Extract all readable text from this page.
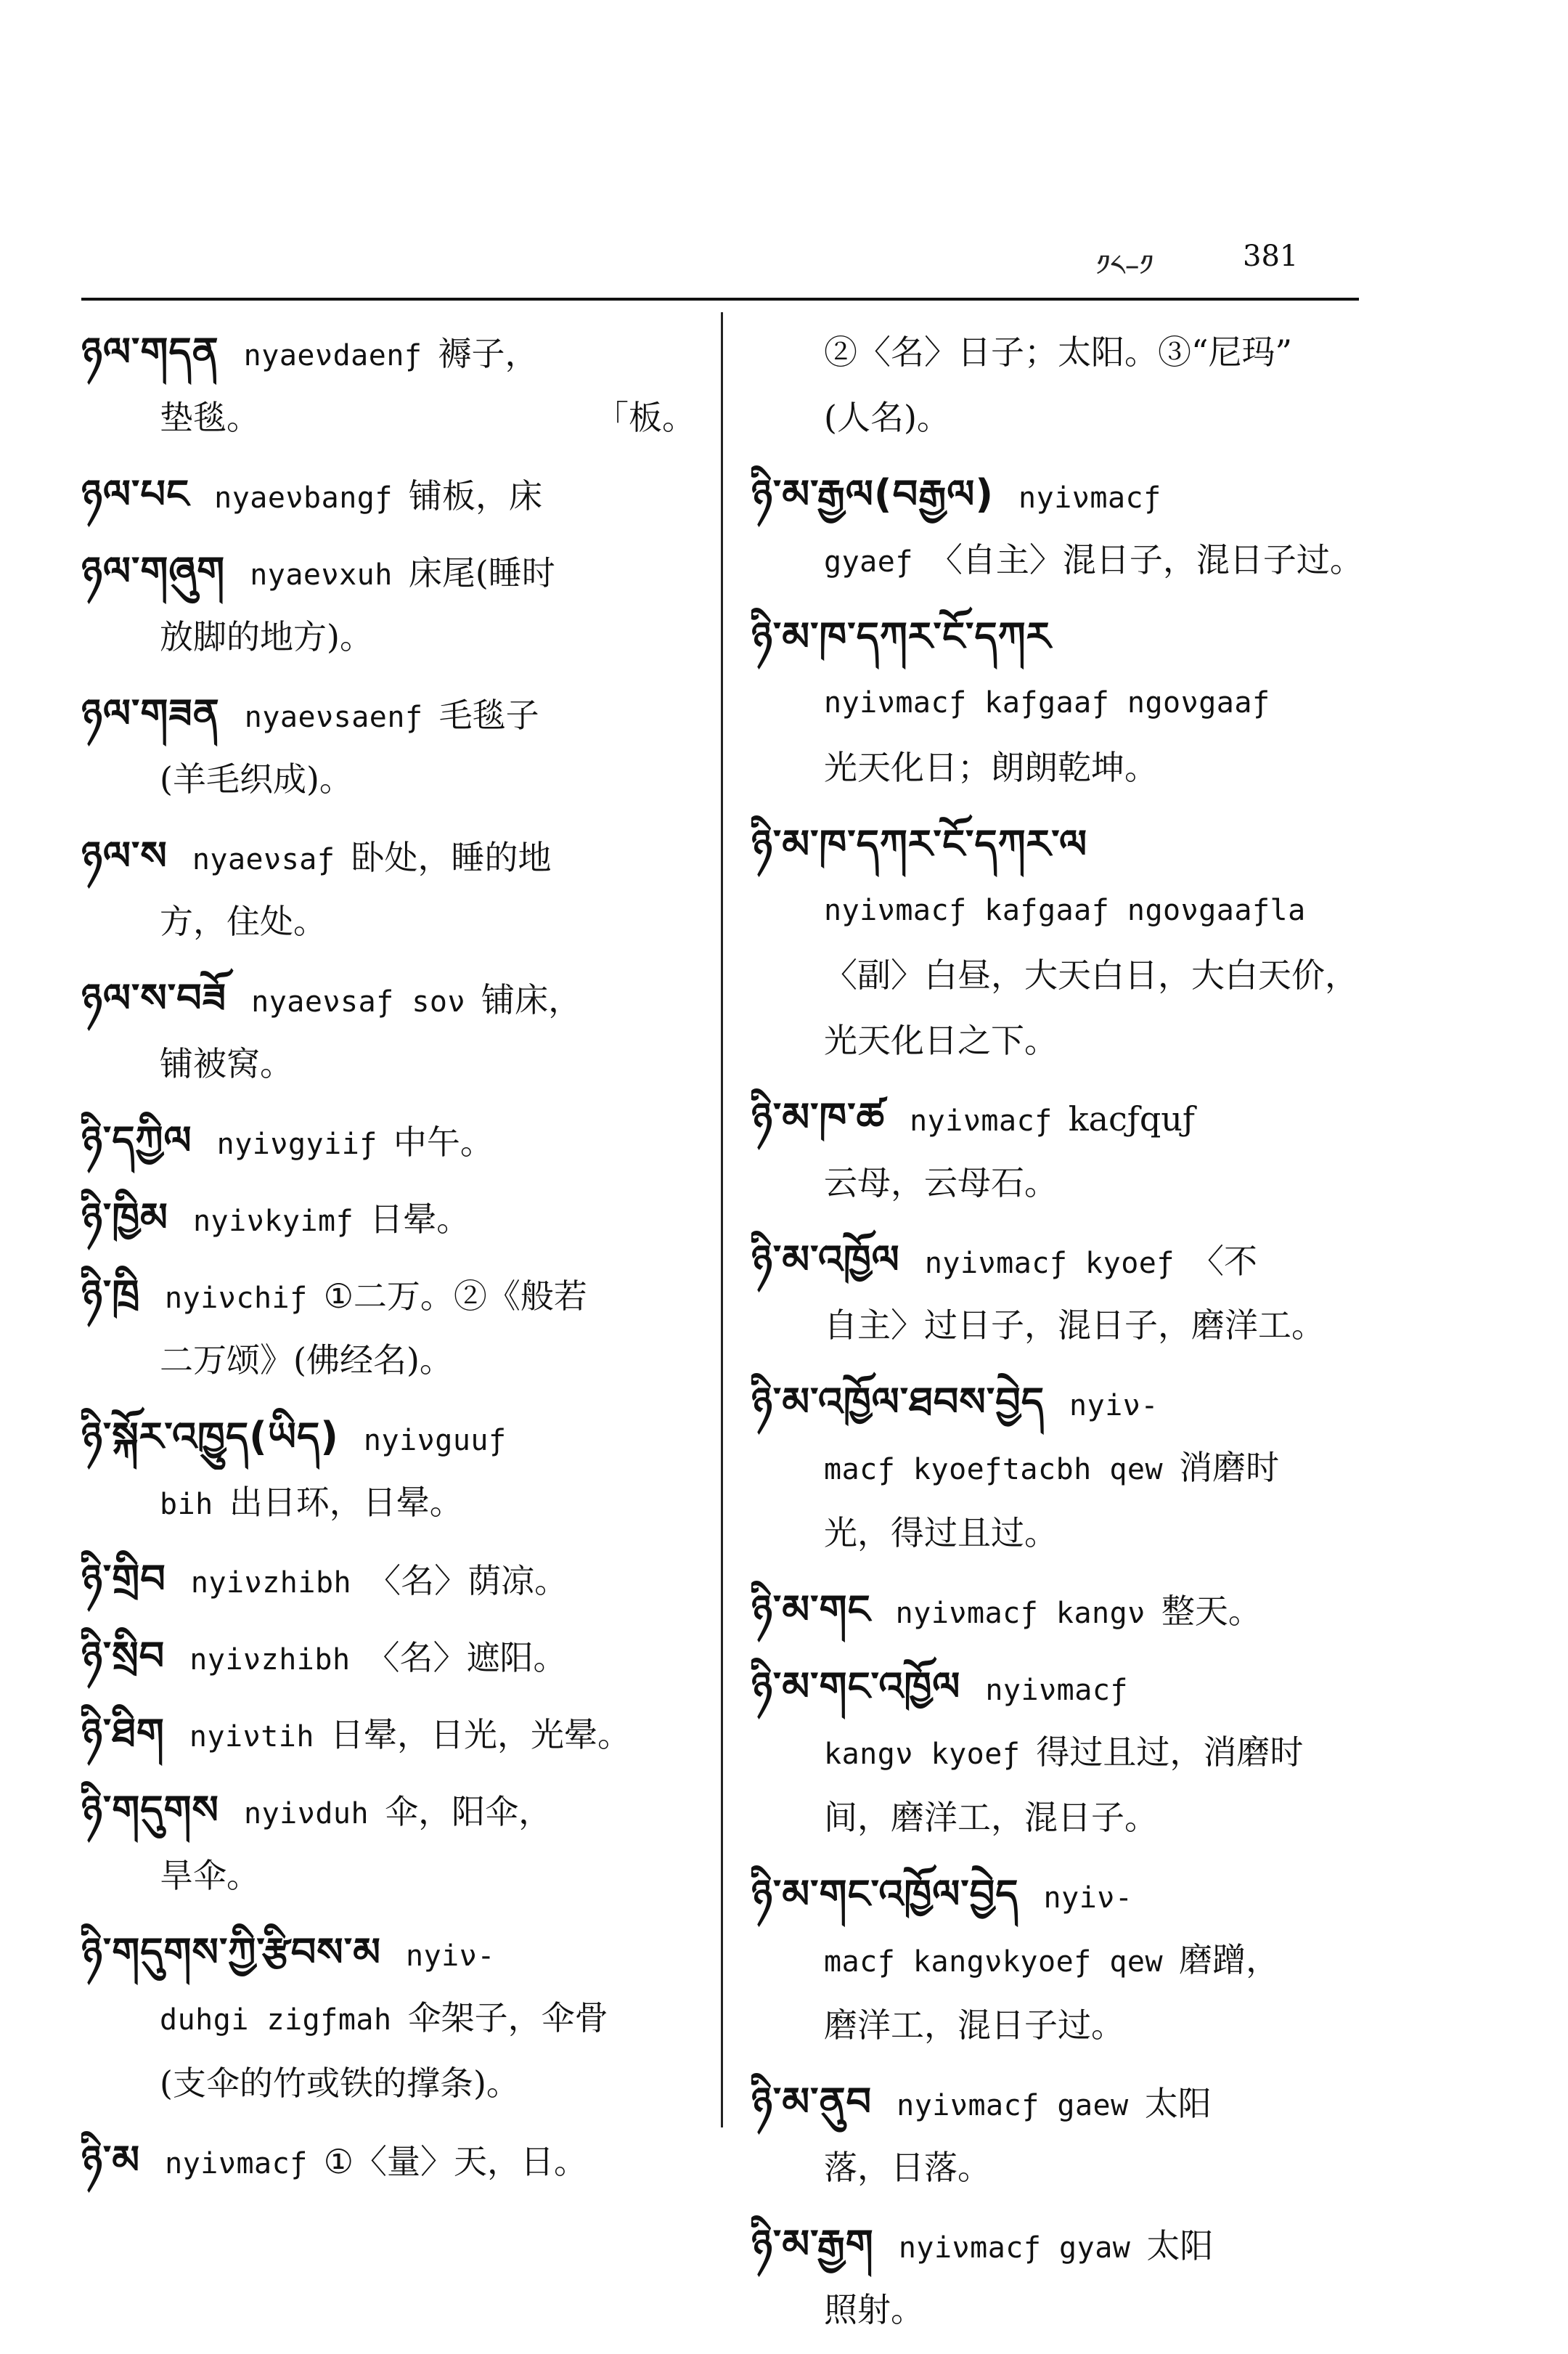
༡༨–༡	381
ཉལ་གདན nyaeνdaenƒ 褥子，
「板。
垫毯。
ཉལ་པང nyaeνbangƒ 铺板，床
ཉལ་གཞུག nyaeνxuh 床尾(睡时
放脚的地方)。
ཉལ་གཟན nyaeνsaenƒ 毛毯子
(羊毛织成)。
ཉལ་ས nyaeνsaƒ 卧处，睡的地
方，住处。
ཉལ་ས་བཟོ nyaeνsaƒ soν 铺床，
铺被窝。
ཉི་དཀྱིལ nyiνgyiiƒ 中午。
ཉི་ཁྱིམ nyiνkyimƒ 日晕。
ཉི་ཁྲི nyiνchiƒ ①二万。②《般若
二万颂》(佛经名)。
ཉི་སྐོར་འཁྱུད(ཡིད) nyiνguuƒ
bih 出日环，日晕。
ཉི་གྲིབ nyiνzhibh 〈名〉荫凉。
ཉི་སྲིབ nyiνzhibh 〈名〉遮阳。
ཉི་ཐིག nyiνtih 日晕，日光，光晕。
ཉི་གདུགས nyiνduh 伞，阳伞，
旱伞。
ཉི་གདུགས་ཀྱི་རྩིབས་མ nyiν-
duhgi zigƒmah 伞架子，伞骨
(支伞的竹或铁的撑条)。
ཉི་མ nyiνmacƒ ①〈量〉天，日。
②〈名〉日子；太阳。③“尼玛”
(人名)。
ཉི་མ་རྒྱལ(བརྒྱལ) nyiνmacƒ
gyaeƒ 〈自主〉混日子，混日子过。
ཉི་མ་ཁ་དཀར་ངོ་དཀར
nyiνmacƒ kaƒgaaƒ ngoνgaaƒ
光天化日；朗朗乾坤。
ཉི་མ་ཁ་དཀར་ངོ་དཀར་ལ
nyiνmacƒ kaƒgaaƒ ngoνgaaƒla
〈副〉白昼，大天白日，大白天价，
光天化日之下。
ཉི་མ་ཁ་ཚ nyiνmacƒ kacƒquƒ
云母，云母石。
ཉི་མ་འཁྱོལ nyiνmacƒ kyoeƒ 〈不
自主〉过日子，混日子，磨洋工。
ཉི་མ་འཁྱོལ་ཐབས་བྱེད nyiν-
macƒ kyoeƒtacbh qew 消磨时
光，得过且过。
ཉི་མ་གང nyiνmacƒ kangν 整天。
ཉི་མ་གང་འཁྱོལ nyiνmacƒ
kangν kyoeƒ 得过且过，消磨时
间，磨洋工，混日子。
ཉི་མ་གང་འཁྱོལ་བྱེད nyiν-
macƒ kangνkyoeƒ qew 磨蹭，
磨洋工，混日子过。
ཉི་མ་ནུབ nyiνmacƒ gaew 太阳
落，日落。
ཉི་མ་རྒྱག nyiνmacƒ gyaw 太阳
照射。
